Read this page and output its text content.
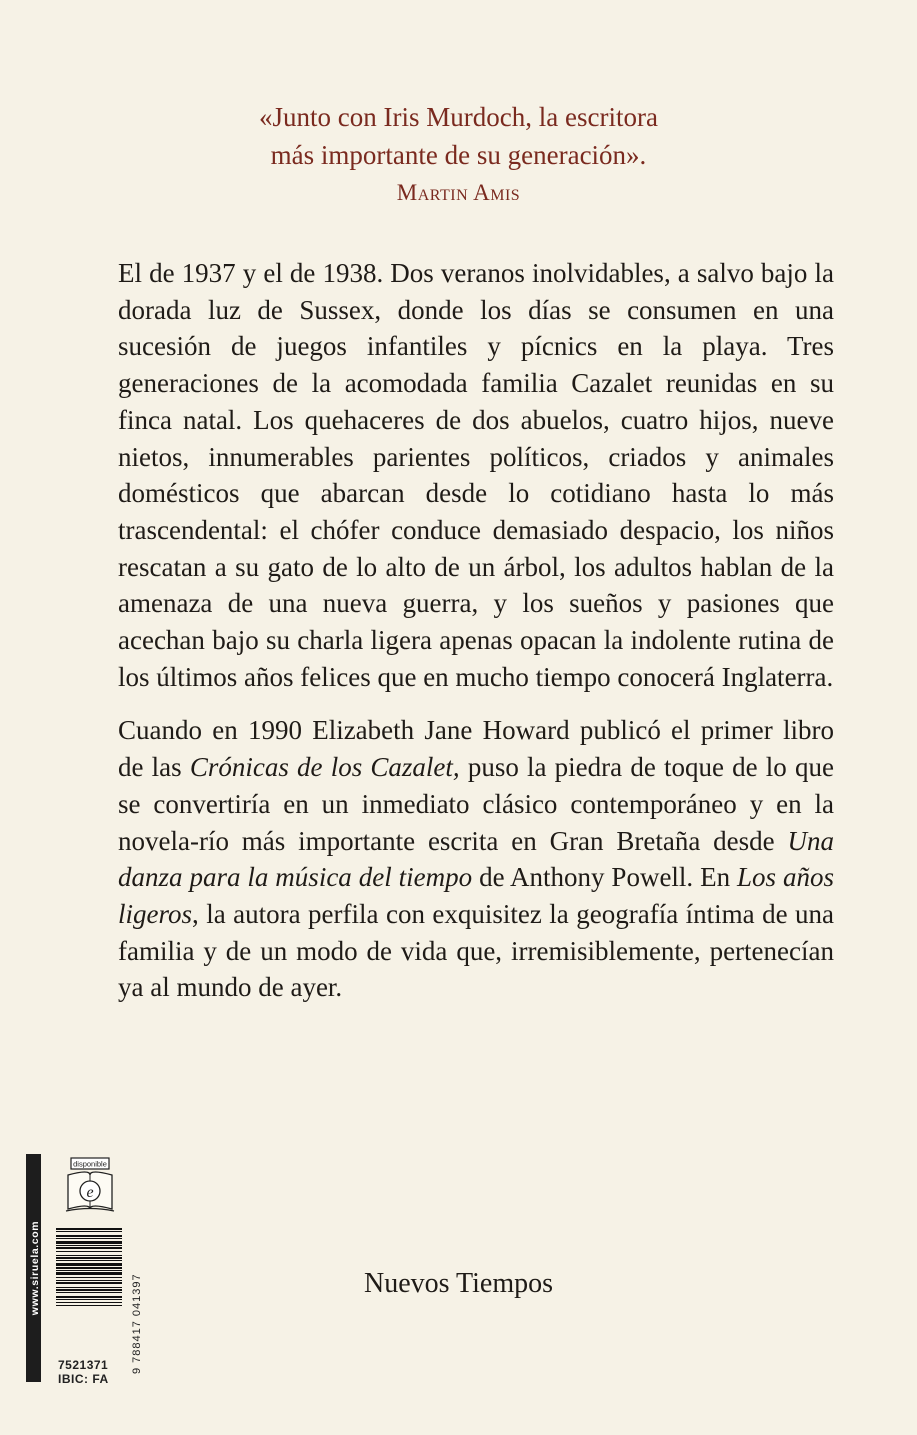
«Junto con Iris Murdoch, la escritora
más importante de su generación».
Martin Amis

El de 1937 y el de 1938. Dos veranos inolvidables, a salvo bajo la dorada luz de Sussex, donde los días se consumen en una sucesión de juegos infantiles y pícnics en la playa. Tres generaciones de la acomodada familia Cazalet reunidas en su finca natal. Los quehaceres de dos abuelos, cuatro hijos, nueve nietos, innumerables parientes políticos, criados y animales domésticos que abarcan desde lo cotidiano hasta lo más trascendental: el chófer conduce demasiado despacio, los niños rescatan a su gato de lo alto de un árbol, los adultos hablan de la amenaza de una nueva guerra, y los sueños y pasiones que acechan bajo su charla ligera apenas opacan la indolente rutina de los últimos años felices que en mucho tiempo conocerá Inglaterra.

Cuando en 1990 Elizabeth Jane Howard publicó el primer libro de las Crónicas de los Cazalet, puso la piedra de toque de lo que se convertiría en un inmediato clásico contemporáneo y en la novela-río más importante escrita en Gran Bretaña desde Una danza para la música del tiempo de Anthony Powell. En Los años ligeros, la autora perfila con exquisitez la geografía íntima de una familia y de un modo de vida que, irremisiblemente, pertenecían ya al mundo de ayer.

Nuevos Tiempos
www.siruela.com
disponible
e
9 788417 041397
7521371
IBIC: FA
